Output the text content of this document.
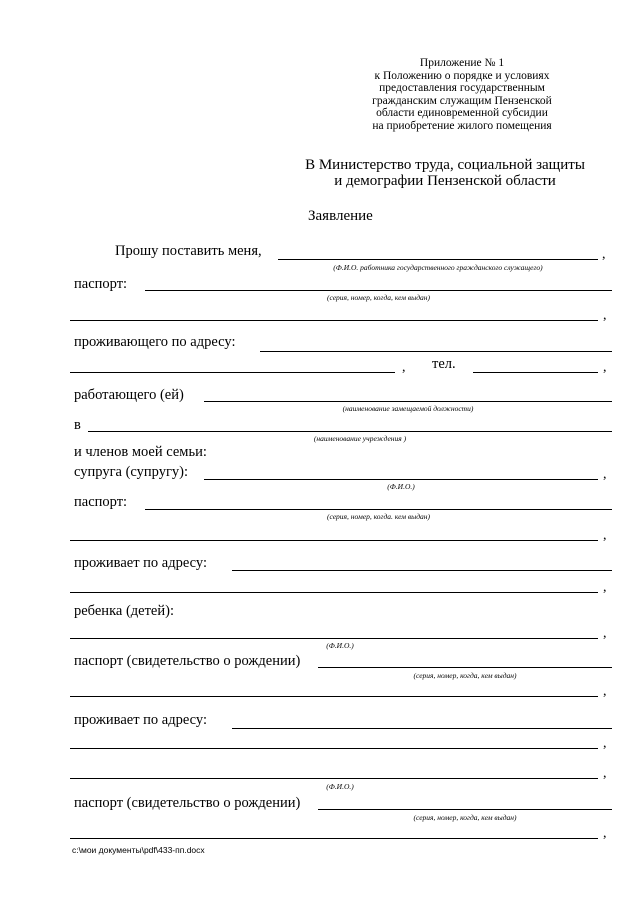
Приложение № 1
к Положению о порядке и условиях
предоставления государственным
гражданским служащим Пензенской
области единовременной субсидии
на приобретение жилого помещения
В Министерство труда, социальной защиты
и демографии Пензенской области
Заявление
Прошу поставить меня,	,
(Ф.И.О. работника государственного гражданского служащего)
паспорт:
(серия, номер, когда, кем выдан)
,
проживающего по адресу:
, тел.	,
работающего (ей)
(наименование замещаемой должности)
в
(наименование учреждения )
и членов моей семьи:
супруга (супругу):	,
(Ф.И.О.)
паспорт:
(серия, номер, когда. кем выдан)
,
проживает по адресу:
,
ребенка (детей):
,
(Ф.И.О.)
паспорт (свидетельство о рождении)
(серия, номер, когда, кем выдан)
,
проживает по адресу:
,
,
(Ф.И.О.)
паспорт (свидетельство о рождении)
(серия, номер, когда, кем выдан)
,
c:\мои документы\pdf\433-пп.docx
